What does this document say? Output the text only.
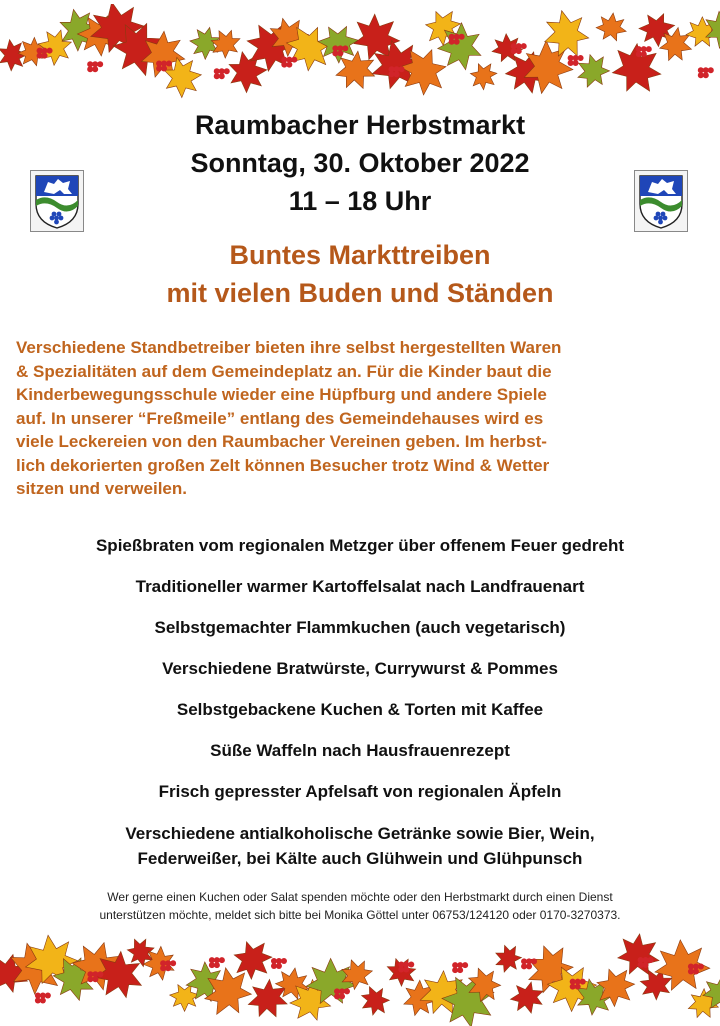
Raumbacher Herbstmarkt
Sonntag, 30. Oktober 2022
11 – 18 Uhr
Buntes Markttreiben
mit vielen Buden und Ständen
Verschiedene Standbetreiber bieten ihre selbst hergestellten Waren
& Spezialitäten auf dem Gemeindeplatz an. Für die Kinder baut die
Kinderbewegungsschule wieder eine Hüpfburg und andere Spiele
auf. In unserer “Freßmeile” entlang des Gemeindehauses wird es
viele Leckereien von den Raumbacher Vereinen geben. Im herbst-
lich dekorierten großen Zelt können Besucher trotz Wind & Wetter
sitzen und verweilen.
Spießbraten vom regionalen Metzger über offenem Feuer gedreht
Traditioneller warmer Kartoffelsalat nach Landfrauenart
Selbstgemachter Flammkuchen (auch vegetarisch)
Verschiedene Bratwürste, Currywurst & Pommes
Selbstgebackene Kuchen & Torten mit Kaffee
Süße Waffeln nach Hausfrauenrezept
Frisch gepresster Apfelsaft von regionalen Äpfeln
Verschiedene antialkoholische Getränke sowie Bier, Wein,
Federweißer, bei Kälte auch Glühwein und Glühpunsch
Wer gerne einen Kuchen oder Salat spenden möchte oder den Herbstmarkt durch einen Dienst
unterstützen möchte, meldet sich bitte bei Monika Göttel unter 06753/124120 oder 0170-3270373.
